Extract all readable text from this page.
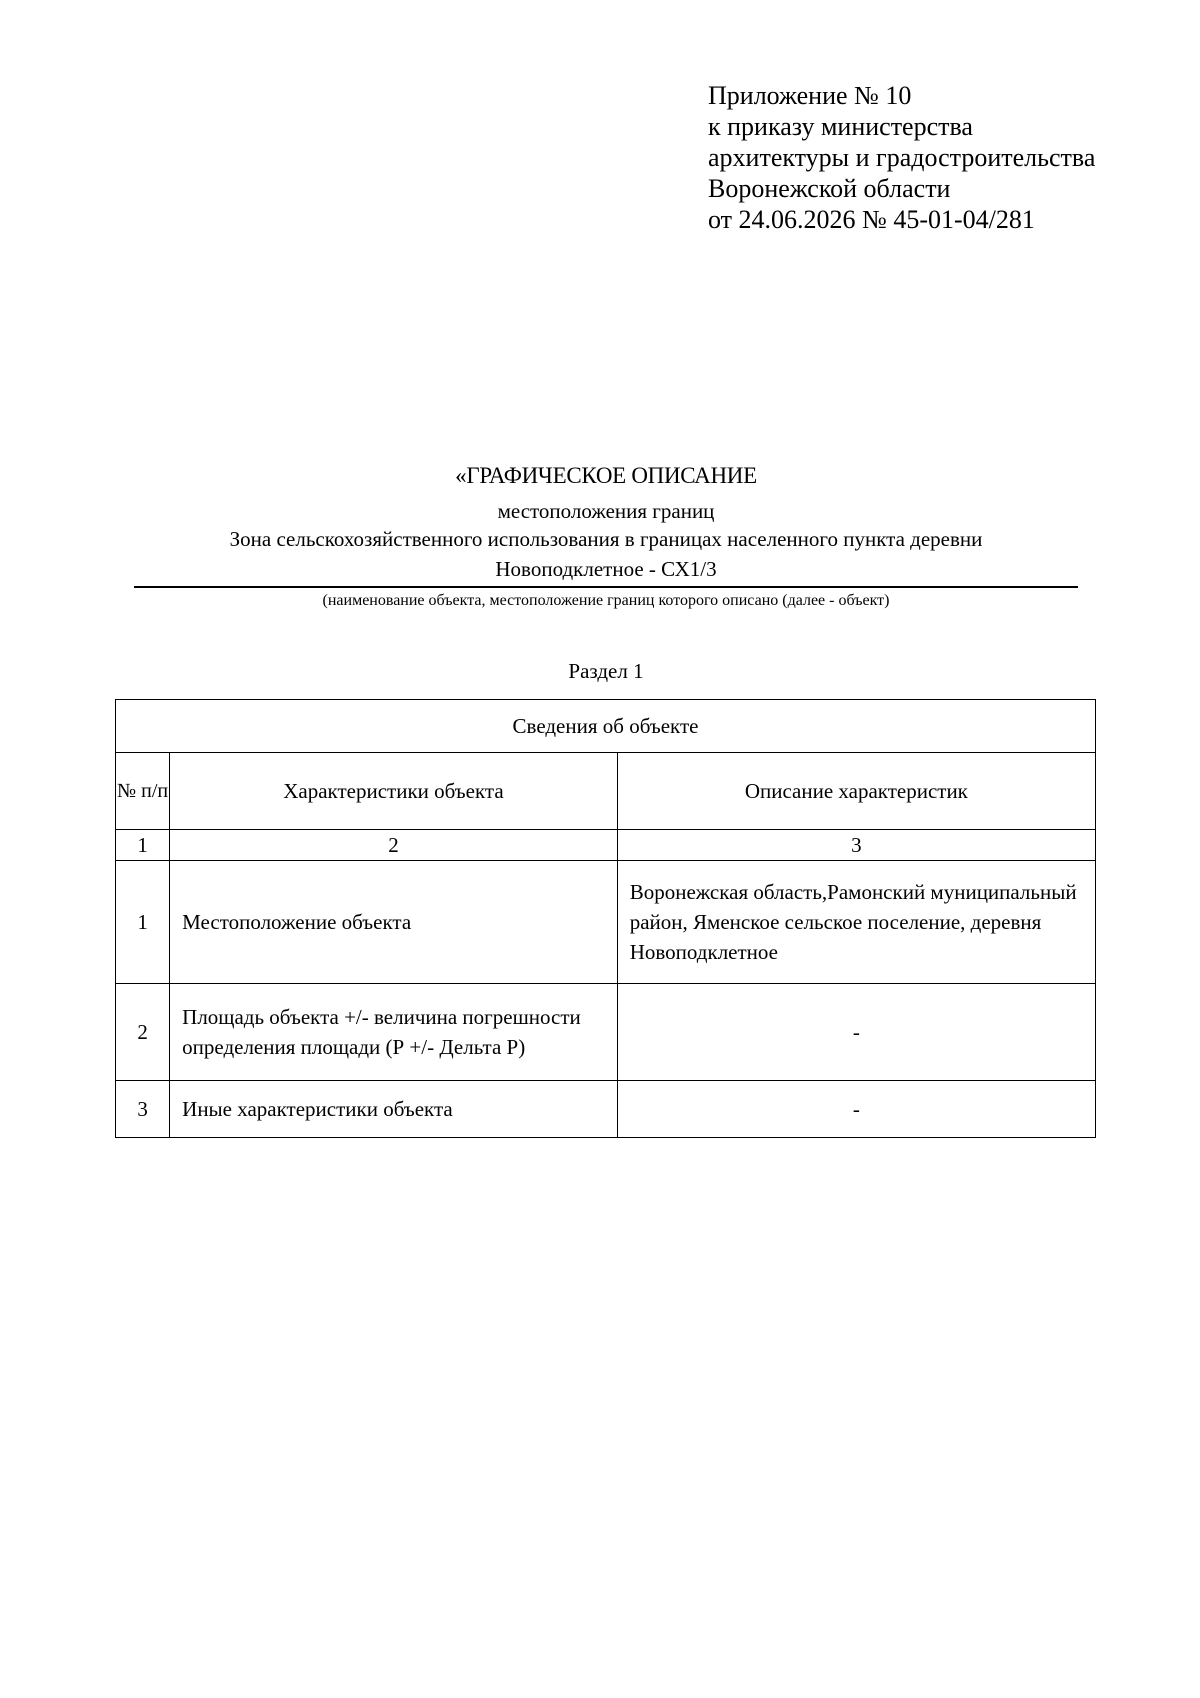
Приложение № 10
к приказу министерства
архитектуры и градостроительства
Воронежской области
от 24.06.2026 № 45-01-04/281
«ГРАФИЧЕСКОЕ ОПИСАНИЕ
местоположения границ
Зона сельскохозяйственного использования в границах населенного пункта деревни
Новоподклетное - СХ1/3
(наименование объекта, местоположение границ которого описано (далее - объект)
Раздел 1
Сведения об объекте		
№ п/п	Характеристики объекта	Описание характеристик
1	2	3
1	Местоположение объекта	Воронежская область,Рамонский муниципальный район, Яменское сельское поселение, деревня Новоподклетное
2	Площадь объекта +/- величина погрешности определения площади (Р +/- Дельта Р)	-
3	Иные характеристики объекта	-
